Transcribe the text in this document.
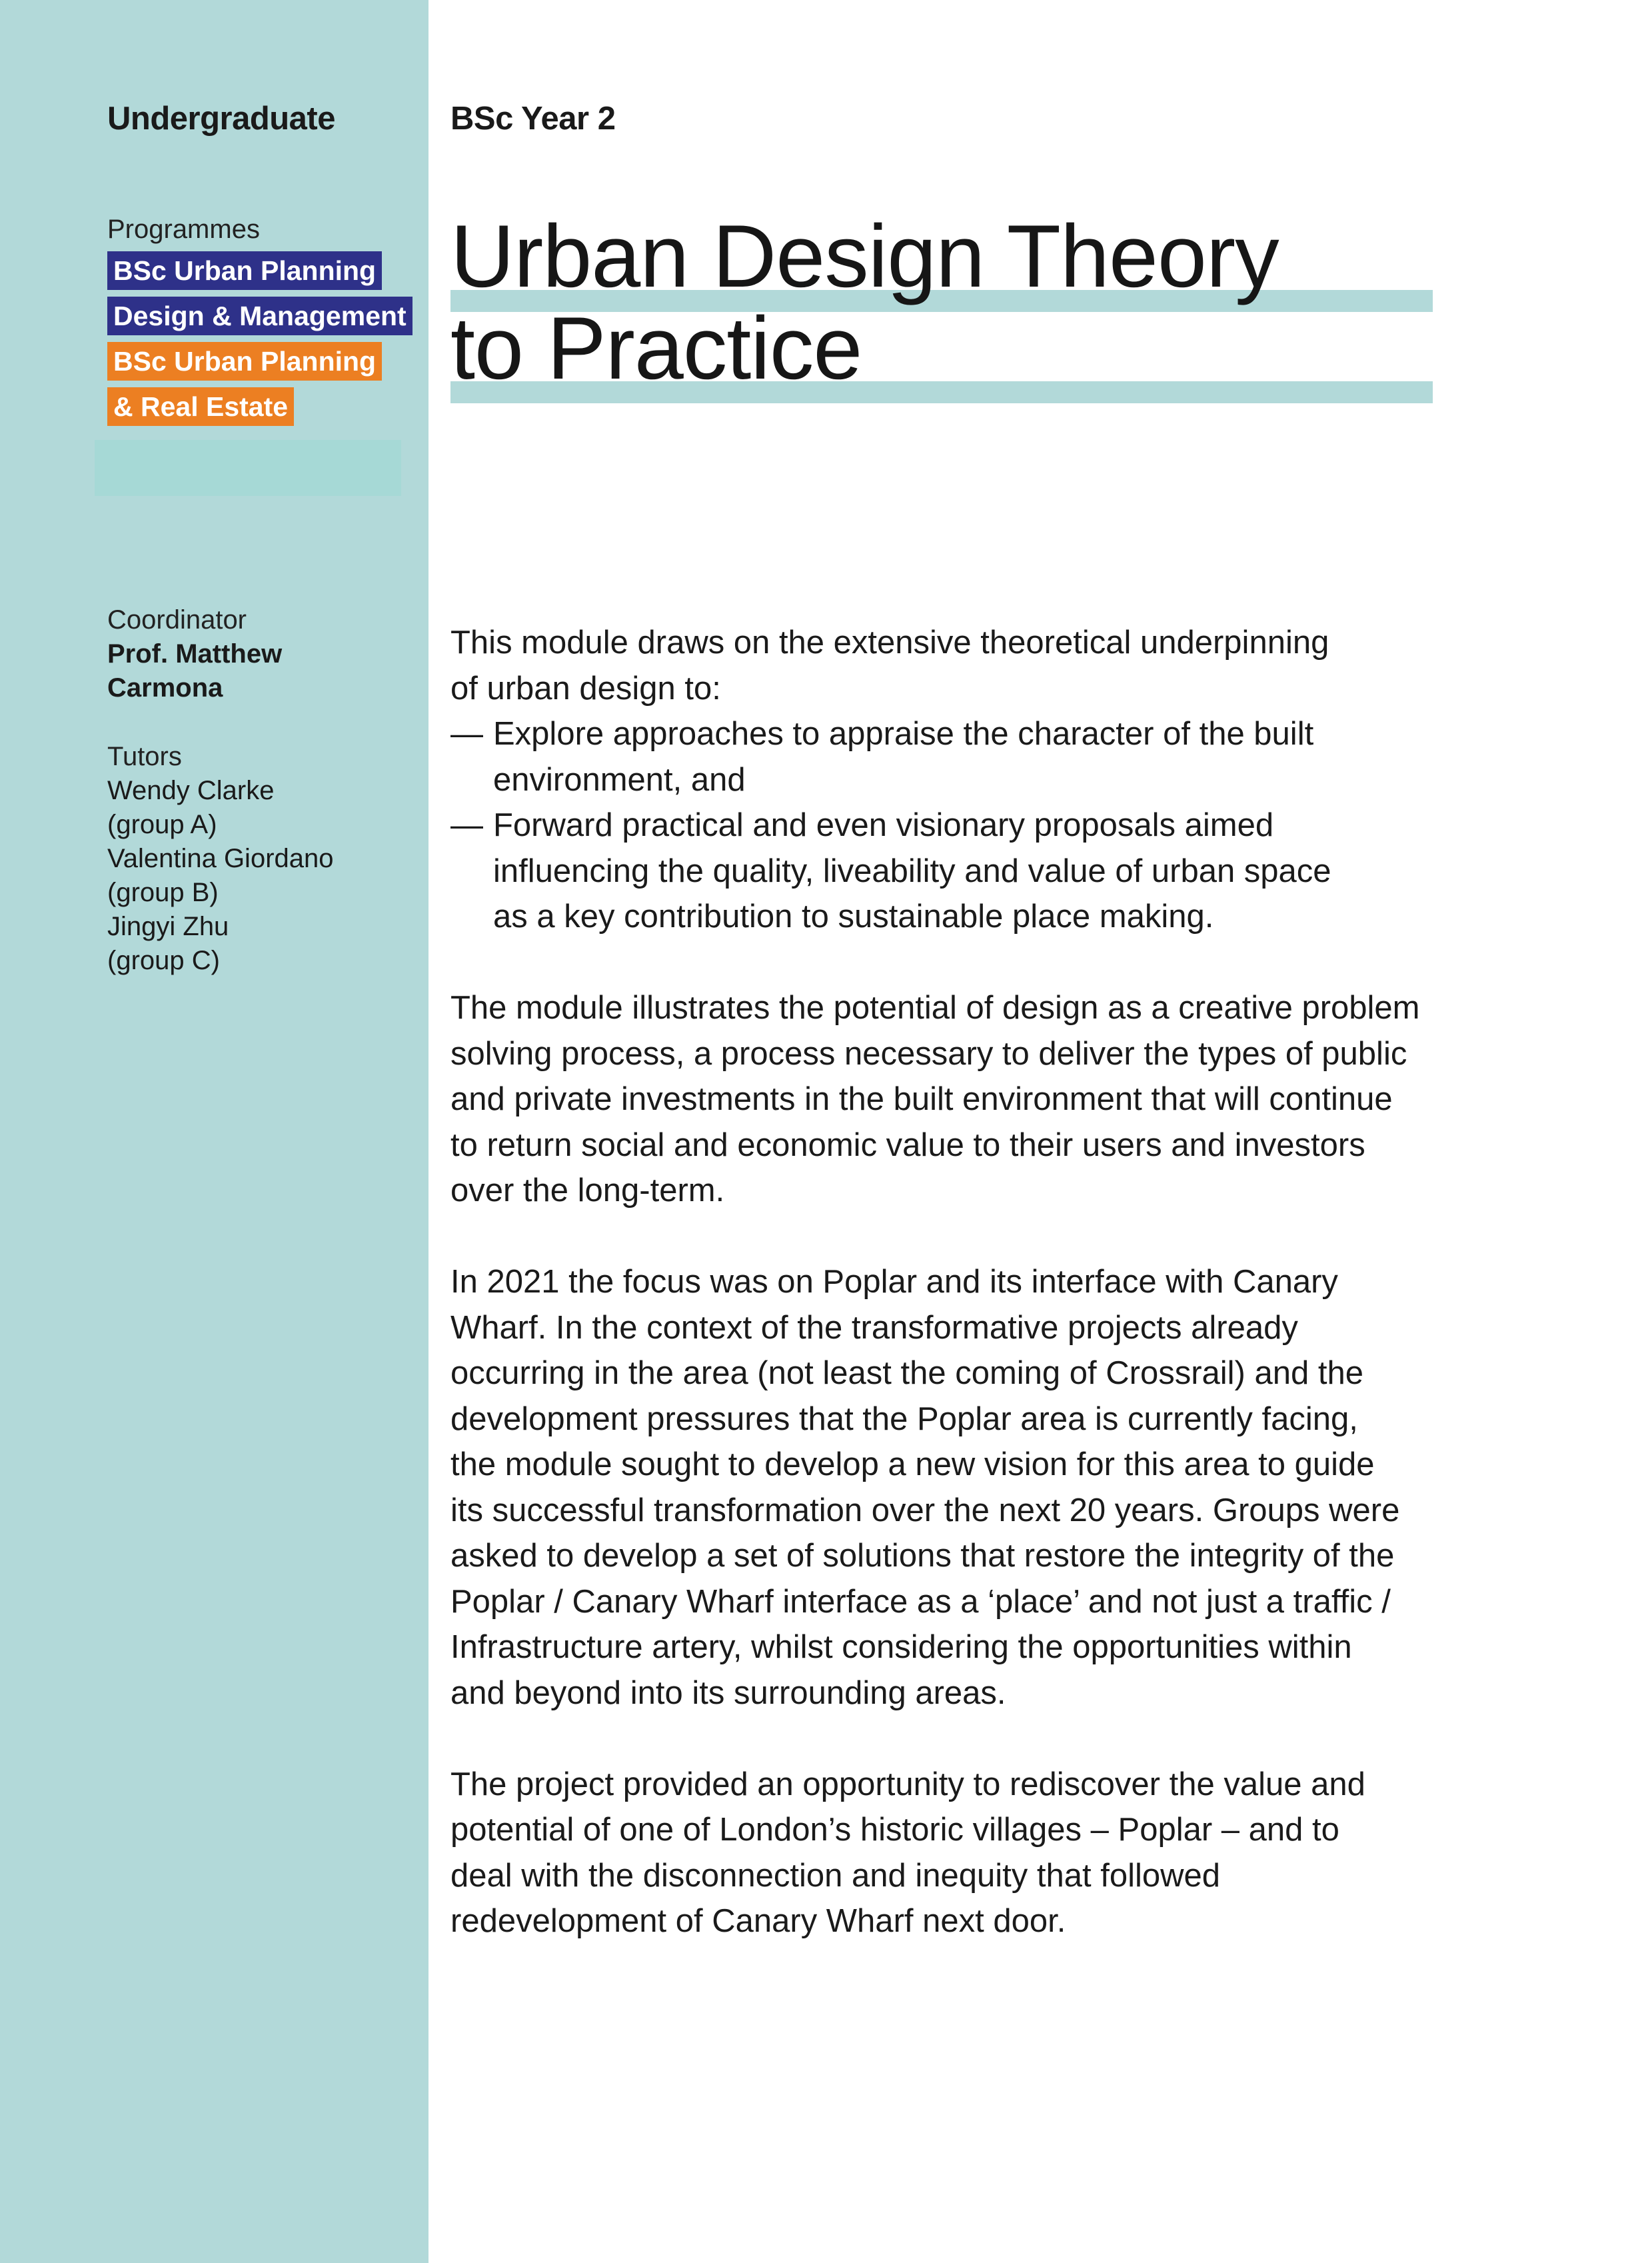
Undergraduate
Programmes
BSc Urban Planning
Design & Management
BSc Urban Planning
& Real Estate
Coordinator
Prof. Matthew
Carmona
Tutors
Wendy Clarke
(group A)
Valentina Giordano
(group B)
Jingyi Zhu
(group C)
BSc Year 2
Urban Design Theory
to Practice
This module draws on the extensive theoretical underpinning
of urban design to:
— Explore approaches to appraise the character of the built
environment, and
— Forward practical and even visionary proposals aimed
influencing the quality, liveability and value of urban space
as a key contribution to sustainable place making.

The module illustrates the potential of design as a creative problem
solving process, a process necessary to deliver the types of public
and private investments in the built environment that will continue
to return social and economic value to their users and investors
over the long-term.

In 2021 the focus was on Poplar and its interface with Canary
Wharf. In the context of the transformative projects already
occurring in the area (not least the coming of Crossrail) and the
development pressures that the Poplar area is currently facing,
the module sought to develop a new vision for this area to guide
its successful transformation over the next 20 years. Groups were
asked to develop a set of solutions that restore the integrity of the
Poplar / Canary Wharf interface as a ‘place’ and not just a traffic /
Infrastructure artery, whilst considering the opportunities within
and beyond into its surrounding areas.

The project provided an opportunity to rediscover the value and
potential of one of London’s historic villages – Poplar – and to
deal with the disconnection and inequity that followed
redevelopment of Canary Wharf next door.
